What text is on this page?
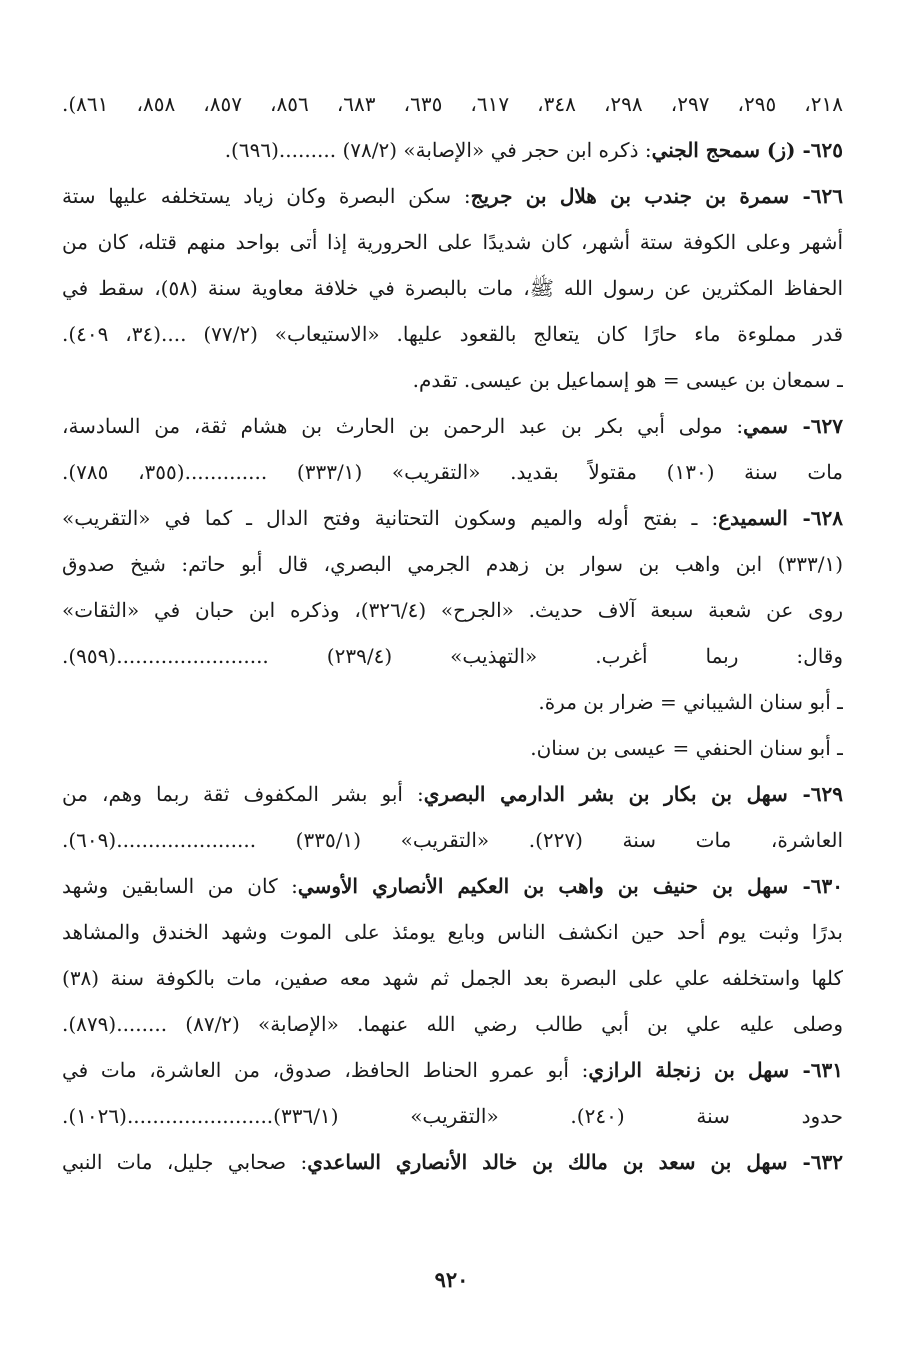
٢١٨، ٢٩٥، ٢٩٧، ٢٩٨، ٣٤٨، ٦١٧، ٦٣٥، ٦٨٣، ٨٥٦، ٨٥٧، ٨٥٨، ٨٦١).
٦٢٥- (ز) سمحج الجني: ذكره ابن حجر في «الإصابة» (٧٨/٢) .........(٦٩٦).
٦٢٦- سمرة بن جندب بن هلال بن جريج: سكن البصرة وكان زياد يستخلفه عليها ستة
أشهر وعلى الكوفة ستة أشهر، كان شديدًا على الحرورية إذا أتى بواحد منهم قتله، كان من
الحفاظ المكثرين عن رسول الله ﷺ، مات بالبصرة في خلافة معاوية سنة (٥٨)، سقط في
قدر مملوءة ماء حارًا كان يتعالج بالقعود عليها. «الاستيعاب» (٧٧/٢) ....(٣٤، ٤٠٩).
ـ سمعان بن عيسى = هو إسماعيل بن عيسى. تقدم.
٦٢٧- سمي: مولى أبي بكر بن عبد الرحمن بن الحارث بن هشام ثقة، من السادسة،
مات سنة (١٣٠) مقتولاً بقديد. «التقريب» (٣٣٣/١) .............(٣٥٥، ٧٨٥).
٦٢٨- السميدع: ـ بفتح أوله والميم وسكون التحتانية وفتح الدال ـ كما في «التقريب»
(٣٣٣/١) ابن واهب بن سوار بن زهدم الجرمي البصري، قال أبو حاتم: شيخ صدوق
روى عن شعبة سبعة آلاف حديث. «الجرح» (٣٢٦/٤)، وذكره ابن حبان في «الثقات»
وقال: ربما أغرب. «التهذيب» (٢٣٩/٤) ........................(٩٥٩).
ـ أبو سنان الشيباني = ضرار بن مرة.
ـ أبو سنان الحنفي = عيسى بن سنان.
٦٢٩- سهل بن بكار بن بشر الدارمي البصري: أبو بشر المكفوف ثقة ربما وهم، من
العاشرة، مات سنة (٢٢٧). «التقريب» (٣٣٥/١) ......................(٦٠٩).
٦٣٠- سهل بن حنيف بن واهب بن العكيم الأنصاري الأوسي: كان من السابقين وشهد
بدرًا وثبت يوم أحد حين انكشف الناس وبايع يومئذ على الموت وشهد الخندق والمشاهد
كلها واستخلفه علي على البصرة بعد الجمل ثم شهد معه صفين، مات بالكوفة سنة (٣٨)
وصلى عليه علي بن أبي طالب رضي الله عنهما. «الإصابة» (٨٧/٢) ........(٨٧٩).
٦٣١- سهل بن زنجلة الرازي: أبو عمرو الحناط الحافظ، صدوق، من العاشرة، مات في
حدود سنة (٢٤٠). «التقريب» (٣٣٦/١).......................(١٠٢٦).
٦٣٢- سهل بن سعد بن مالك بن خالد الأنصاري الساعدي: صحابي جليل، مات النبي
٩٢٠
